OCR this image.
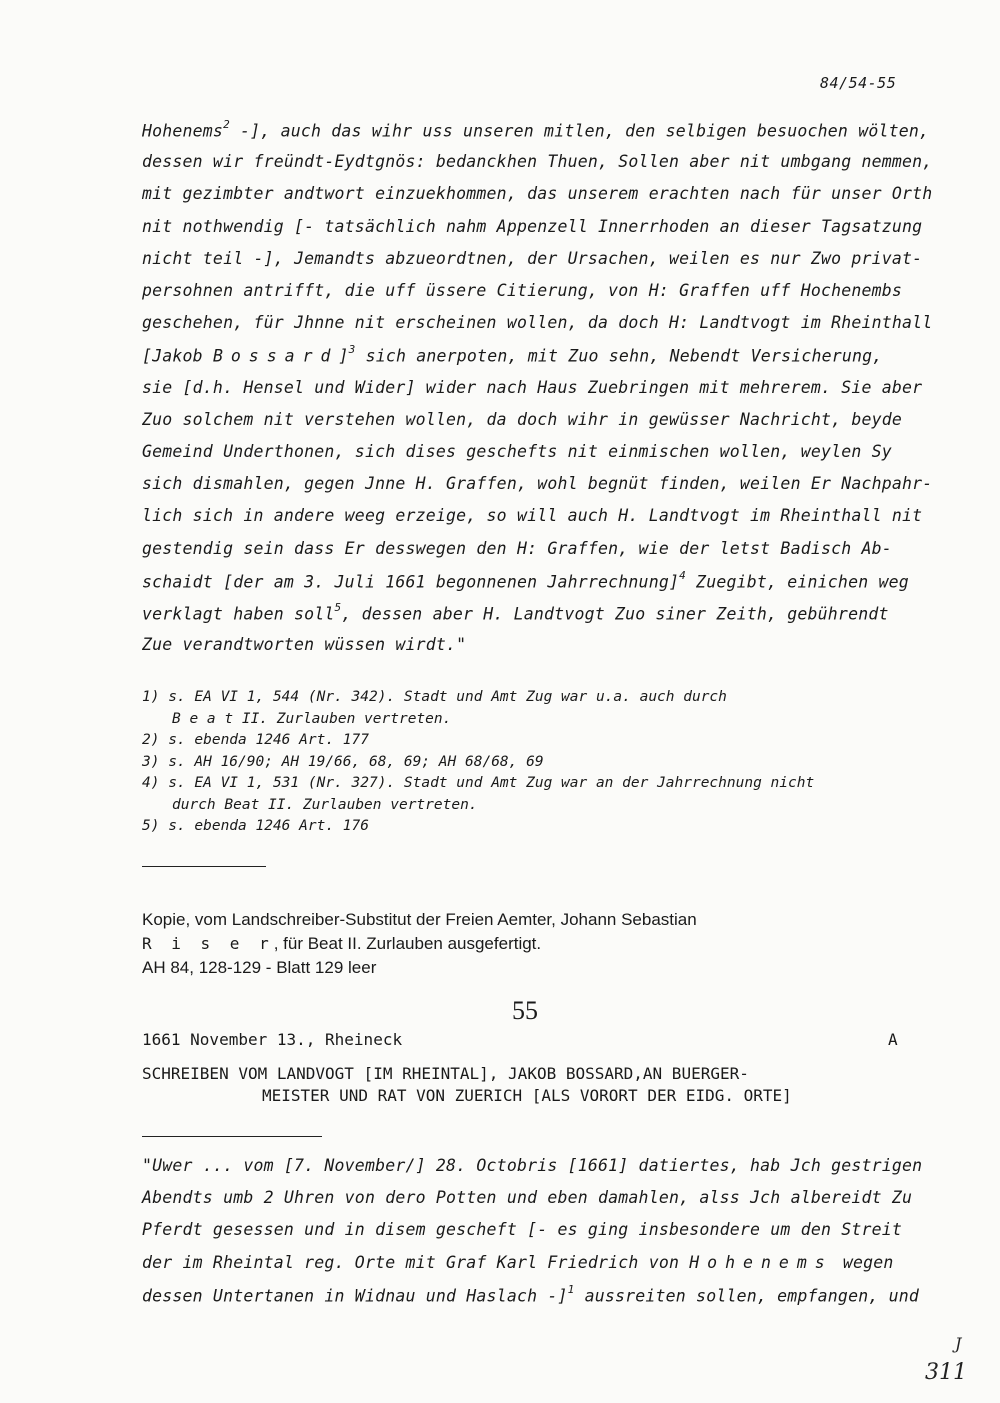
84/54-55
Hohenems$^2$ -], auch das wihr uss unseren mitlen, den selbigen besuochen wölten,
dessen wir freündt-Eydtgnös: bedanckhen Thuen, Sollen aber nit umbgang nemmen,
mit gezimbter andtwort einzuekhommen, das unserem erachten nach für unser Orth
nit nothwendig [- tatsächlich nahm Appenzell Innerrhoden an dieser Tagsatzung
nicht teil -], Jemandts abzueordtnen, der Ursachen, weilen es nur Zwo privat-
persohnen antrifft, die uff üssere Citierung, von H: Graffen uff Hochenembs
geschehen, für Jhnne nit erscheinen wollen, da doch H: Landtvogt im Rheinthall
[Jakob Bossard]$^3$ sich anerpoten, mit Zuo sehn, Nebendt Versicherung,
sie [d.h. Hensel und Wider] wider nach Haus Zuebringen mit mehrerem. Sie aber
Zuo solchem nit verstehen wollen, da doch wihr in gewüsser Nachricht, beyde
Gemeind Underthonen, sich dises geschefts nit einmischen wollen, weylen Sy
sich dismahlen, gegen Jnne H. Graffen, wohl begnüt finden, weilen Er Nachpahr-
lich sich in andere weeg erzeige, so will auch H. Landtvogt im Rheinthall nit
gestendig sein dass Er desswegen den H: Graffen, wie der letst Badisch Ab-
schaidt [der am 3. Juli 1661 begonnenen Jahrrechnung]$^4$ Zuegibt, einichen weg
verklagt haben soll$^5$, dessen aber H. Landtvogt Zuo siner Zeith, gebührendt
Zue verandtworten wüssen wirdt."
1) s. EA VI 1, 544 (Nr. 342). Stadt und Amt Zug war u.a. auch durch
B e a t II. Zurlauben vertreten.
2) s. ebenda 1246 Art. 177
3) s. AH 16/90; AH 19/66, 68, 69; AH 68/68, 69
4) s. EA VI 1, 531 (Nr. 327). Stadt und Amt Zug war an der Jahrrechnung nicht
durch Beat II. Zurlauben vertreten.
5) s. ebenda 1246 Art. 176
Kopie, vom Landschreiber-Substitut der Freien Aemter, Johann Sebastian
R i s e r, für Beat II. Zurlauben ausgefertigt.
AH 84, 128-129 - Blatt 129 leer
55
1661 November 13., Rheineck	A
SCHREIBEN VOM LANDVOGT [IM RHEINTAL], JAKOB BOSSARD,AN BUERGER-
MEISTER UND RAT VON ZUERICH [ALS VORORT DER EIDG. ORTE]
"Uwer ... vom [7. November/] 28. Octobris [1661] datiertes, hab Jch gestrigen
Abendts umb 2 Uhren von dero Potten und eben damahlen, alss Jch albereidt Zu
Pferdt gesessen und in disem gescheft [- es ging insbesondere um den Streit
der im Rheintal reg. Orte mit Graf Karl Friedrich von Hohenems wegen
dessen Untertanen in Widnau und Haslach -]$^1$ aussreiten sollen, empfangen, und
311
J
